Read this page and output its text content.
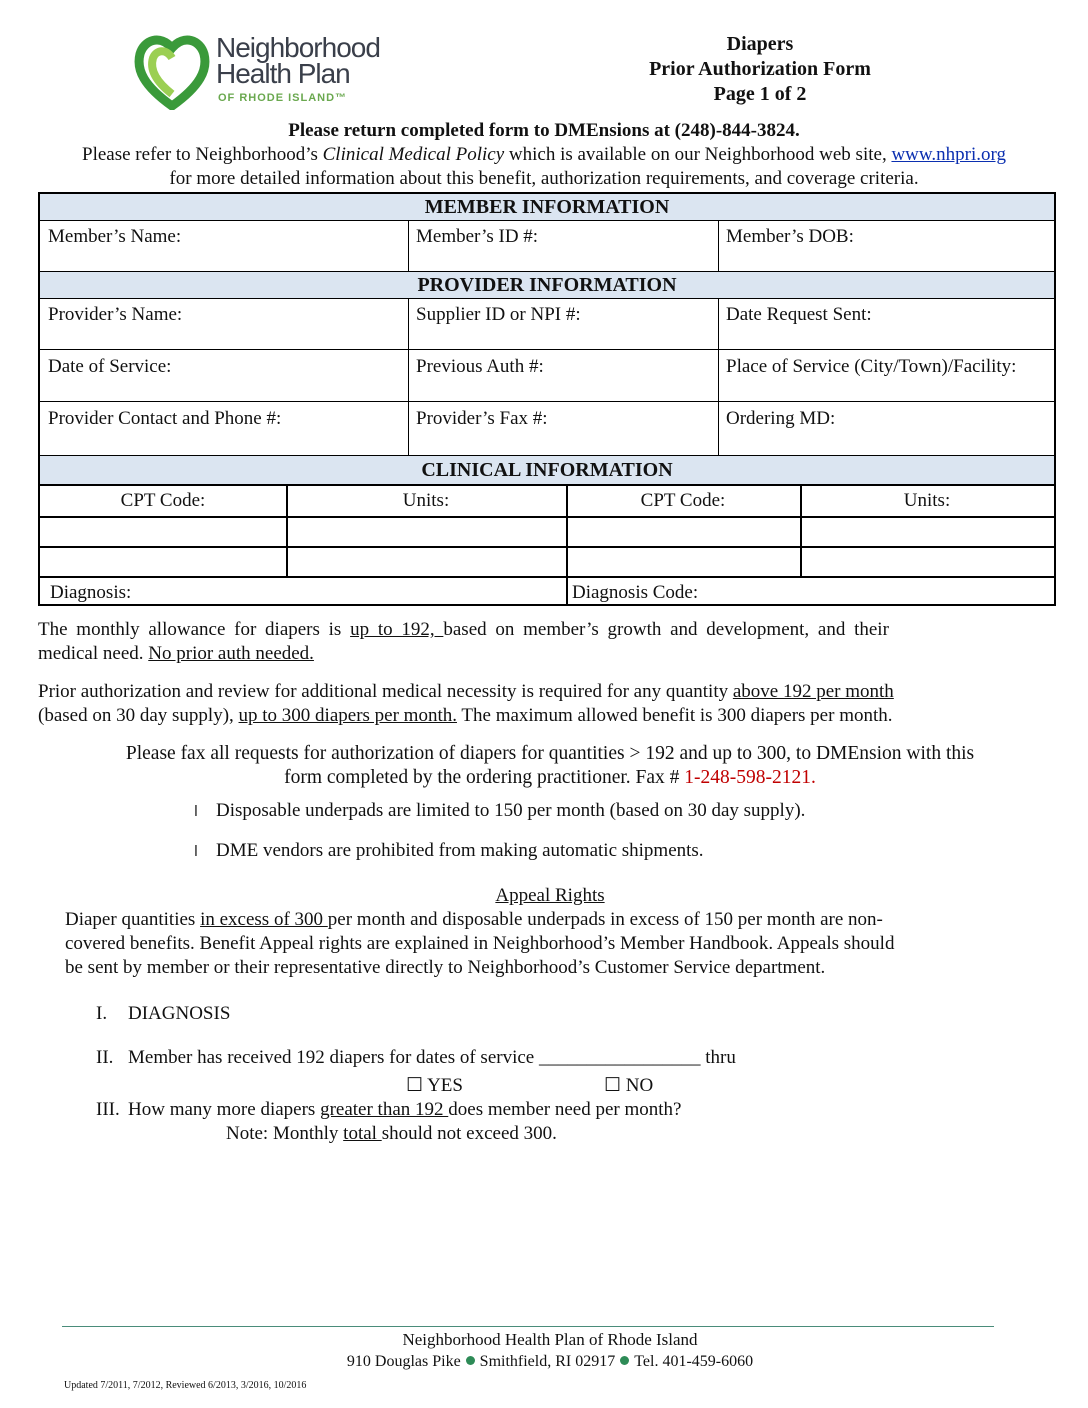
Neighborhood
Health Plan
OF RHODE ISLAND™
Diapers
Prior Authorization Form
Page 1 of 2
Please return completed form to DMEnsions at (248)-844-3824.
Please refer to Neighborhood’s Clinical Medical Policy which is available on our Neighborhood web site, www.nhpri.org
for more detailed information about this benefit, authorization requirements, and coverage criteria.
MEMBER INFORMATION
Member’s Name:	Member’s ID #:	Member’s DOB:
PROVIDER INFORMATION
Provider’s Name:	Supplier ID or NPI #:	Date Request Sent:
Date of Service:	Previous Auth #:	Place of Service (City/Town)/Facility:
Provider Contact and Phone #:	Provider’s Fax #:	Ordering MD:
CLINICAL INFORMATION
CPT Code:	Units:	CPT Code:	Units:
Diagnosis:	Diagnosis Code:
The monthly allowance for diapers is up to 192, based on member’s growth and development, and their
medical need. No prior auth needed.
Prior authorization and review for additional medical necessity is required for any quantity above 192 per month
(based on 30 day supply), up to 300 diapers per month. The maximum allowed benefit is 300 diapers per month.
Please fax all requests for authorization of diapers for quantities > 192 and up to 300, to DMEnsion with this
form completed by the ordering practitioner. Fax # 1-248-598-2121.
l Disposable underpads are limited to 150 per month (based on 30 day supply).
l DME vendors are prohibited from making automatic shipments.
Appeal Rights
Diaper quantities in excess of 300 per month and disposable underpads in excess of 150 per month are non-
covered benefits. Benefit Appeal rights are explained in Neighborhood’s Member Handbook. Appeals should
be sent by member or their representative directly to Neighborhood’s Customer Service department.
I. DIAGNOSIS
II. Member has received 192 diapers for dates of service _________________ thru
☐ YES	☐ NO
III. How many more diapers greater than 192 does member need per month?
Note: Monthly total should not exceed 300.
Neighborhood Health Plan of Rhode Island
910 Douglas Pike Smithfield, RI 02917 Tel. 401-459-6060
Updated 7/2011, 7/2012, Reviewed 6/2013, 3/2016, 10/2016
